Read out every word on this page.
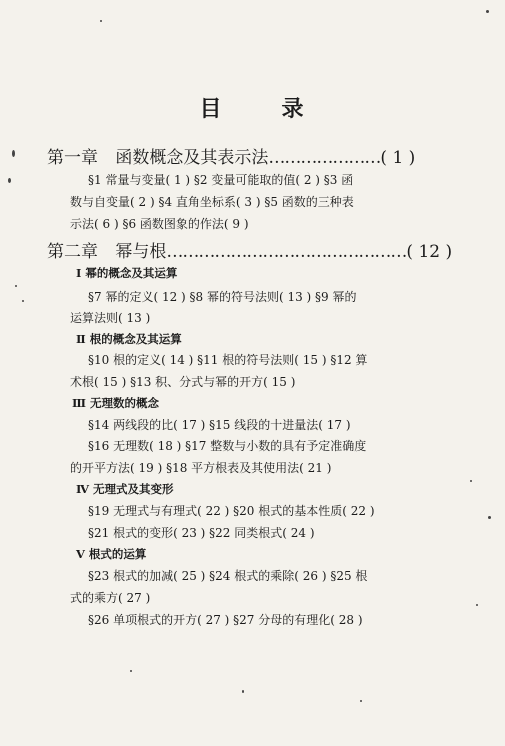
目	录
第一章 函数概念及其表示法…………………( 1 )
§1 常量与变量( 1 ) §2 变量可能取的值( 2 ) §3 函
数与自变量( 2 ) §4 直角坐标系( 3 ) §5 函数的三种表
示法( 6 ) §6 函数图象的作法( 9 )
第二章 幂与根………………………………………( 12 )
Ⅰ 幂的概念及其运算
§7 幂的定义( 12 ) §8 幂的符号法则( 13 ) §9 幂的
运算法则( 13 )
Ⅱ 根的概念及其运算
§10 根的定义( 14 ) §11 根的符号法则( 15 ) §12 算
术根( 15 ) §13 积、分式与幂的开方( 15 )
Ⅲ 无理数的概念
§14 两线段的比( 17 ) §15 线段的十进量法( 17 )
§16 无理数( 18 ) §17 整数与小数的具有予定准确度
的开平方法( 19 ) §18 平方根表及其使用法( 21 )
Ⅳ 无理式及其变形
§19 无理式与有理式( 22 ) §20 根式的基本性质( 22 )
§21 根式的变形( 23 ) §22 同类根式( 24 )
Ⅴ 根式的运算
§23 根式的加减( 25 ) §24 根式的乘除( 26 ) §25 根
式的乘方( 27 )
§26 单项根式的开方( 27 ) §27 分母的有理化( 28 )
